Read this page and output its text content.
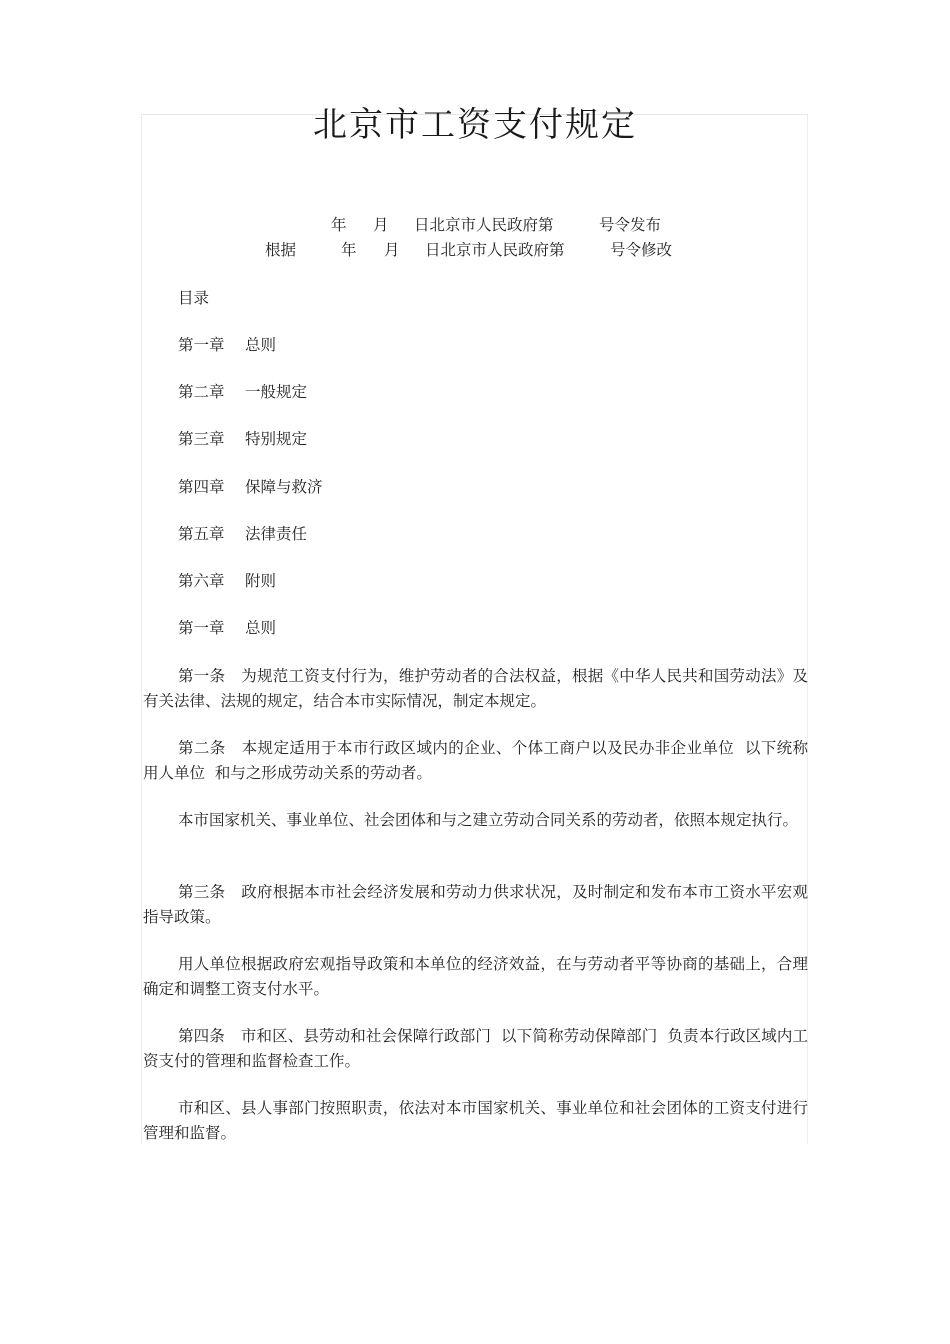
北京市工资支付规定
年 月 日北京市人民政府第	号令发布
根据	年 月 日北京市人民政府第	号令修改
目录
第一章 总则
第二章 一般规定
第三章 特别规定
第四章 保障与救济
第五章 法律责任
第六章 附则
第一章 总则

第一条 为规范工资支付行为，维护劳动者的合法权益，根据《中华人民共和国劳动法》及有关法律、法规的规定，结合本市实际情况，制定本规定。

第二条 本规定适用于本市行政区域内的企业、个体工商户以及民办非企业单位  以下统称用人单位  和与之形成劳动关系的劳动者。

本市国家机关、事业单位、社会团体和与之建立劳动合同关系的劳动者，依照本规定执行。

第三条 政府根据本市社会经济发展和劳动力供求状况，及时制定和发布本市工资水平宏观指导政策。

用人单位根据政府宏观指导政策和本单位的经济效益，在与劳动者平等协商的基础上，合理确定和调整工资支付水平。

第四条 市和区、县劳动和社会保障行政部门  以下简称劳动保障部门  负责本行政区域内工资支付的管理和监督检查工作。

市和区、县人事部门按照职责，依法对本市国家机关、事业单位和社会团体的工资支付进行管理和监督。
